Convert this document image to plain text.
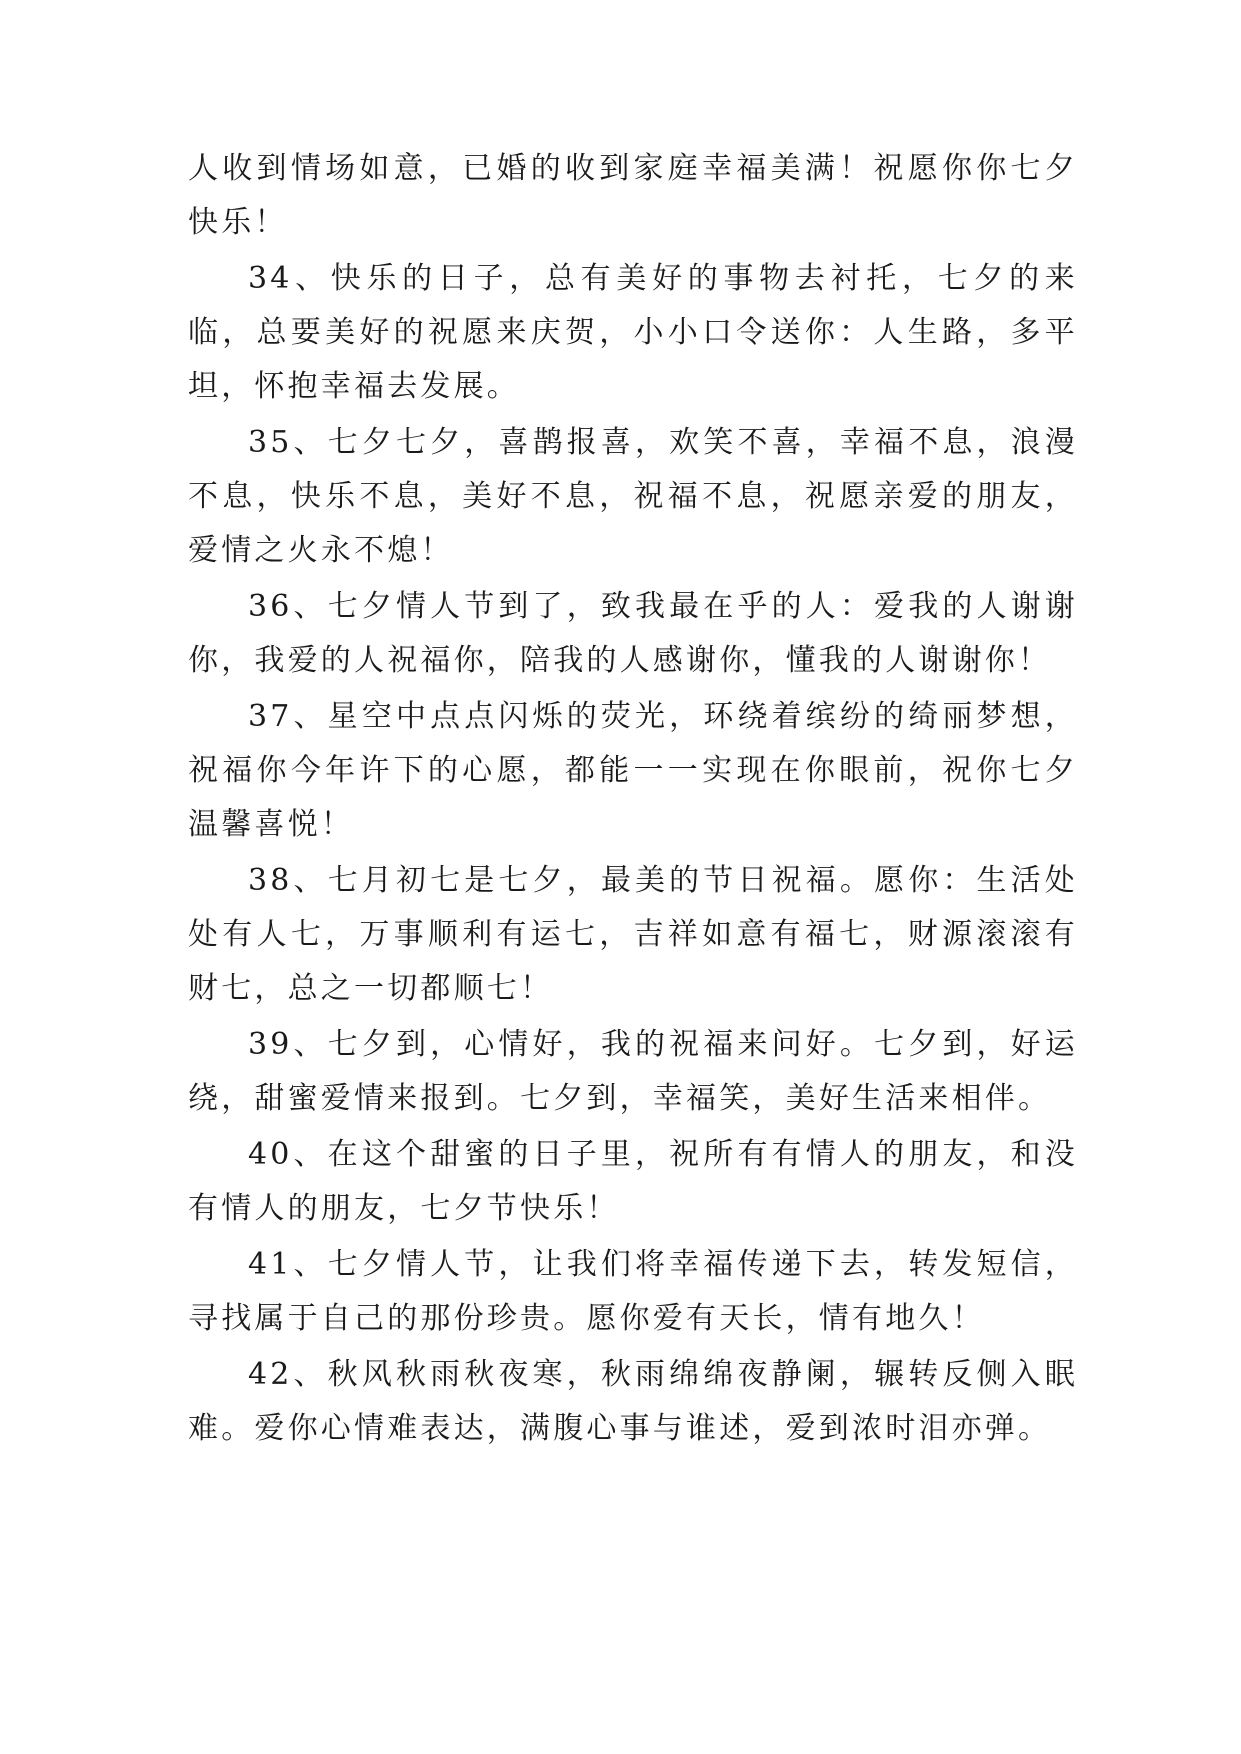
人收到情场如意，已婚的收到家庭幸福美满！祝愿你你七夕快乐！

34、快乐的日子，总有美好的事物去衬托，七夕的来临，总要美好的祝愿来庆贺，小小口令送你：人生路，多平坦，怀抱幸福去发展。

35、七夕七夕，喜鹊报喜，欢笑不喜，幸福不息，浪漫不息，快乐不息，美好不息，祝福不息，祝愿亲爱的朋友，爱情之火永不熄！

36、七夕情人节到了，致我最在乎的人：爱我的人谢谢你，我爱的人祝福你，陪我的人感谢你，懂我的人谢谢你！

37、星空中点点闪烁的荧光，环绕着缤纷的绮丽梦想，祝福你今年许下的心愿，都能一一实现在你眼前，祝你七夕温馨喜悦！

38、七月初七是七夕，最美的节日祝福。愿你：生活处处有人七，万事顺利有运七，吉祥如意有福七，财源滚滚有财七，总之一切都顺七！

39、七夕到，心情好，我的祝福来问好。七夕到，好运绕，甜蜜爱情来报到。七夕到，幸福笑，美好生活来相伴。

40、在这个甜蜜的日子里，祝所有有情人的朋友，和没有情人的朋友，七夕节快乐！

41、七夕情人节，让我们将幸福传递下去，转发短信，寻找属于自己的那份珍贵。愿你爱有天长，情有地久！

42、秋风秋雨秋夜寒，秋雨绵绵夜静阑，辗转反侧入眠难。爱你心情难表达，满腹心事与谁述，爱到浓时泪亦弹。
